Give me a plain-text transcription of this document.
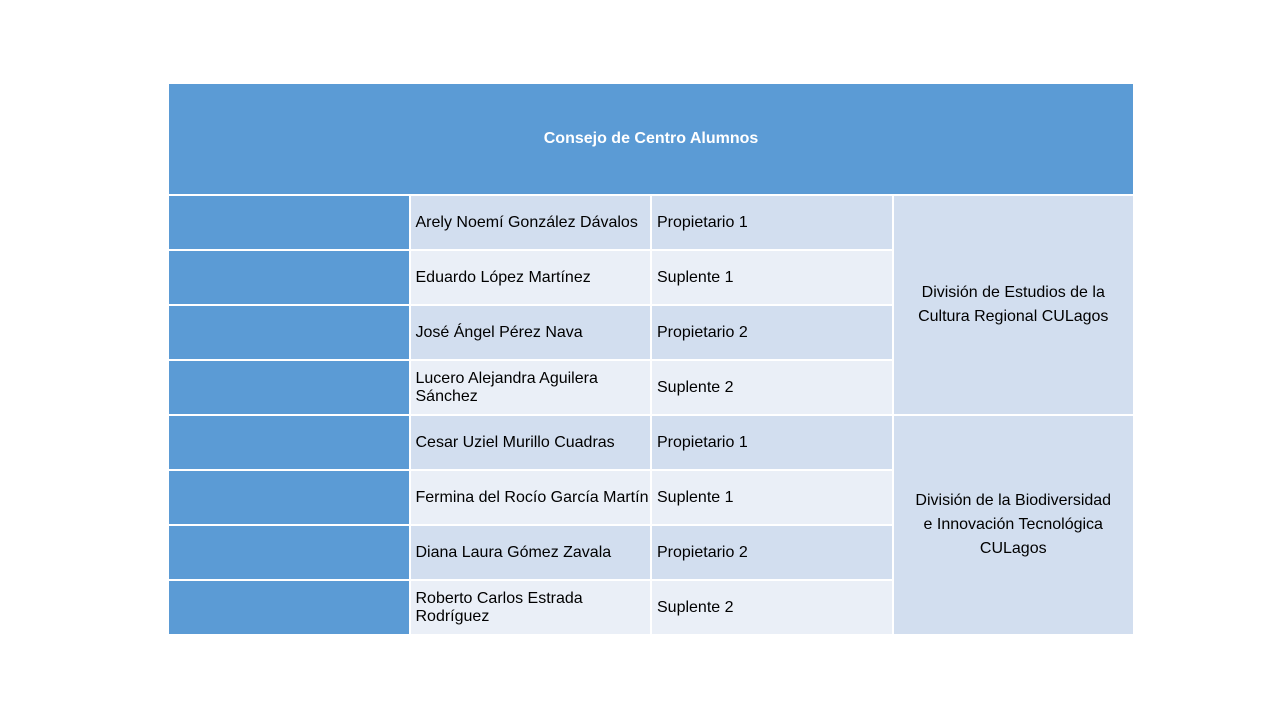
Consejo de Centro Alumnos			
	Arely Noemí González Dávalos	Propietario 1	División de Estudios de la Cultura Regional CULagos
	Eduardo López Martínez	Suplente 1	
	José Ángel Pérez Nava	Propietario 2	
	Lucero Alejandra Aguilera Sánchez	Suplente 2	
	Cesar Uziel Murillo Cuadras	Propietario 1	División de la Biodiversidad e Innovación Tecnológica CULagos
	Fermina del Rocío García Martín	Suplente 1	
	Diana Laura Gómez Zavala	Propietario 2	
	Roberto Carlos Estrada Rodríguez	Suplente 2	
